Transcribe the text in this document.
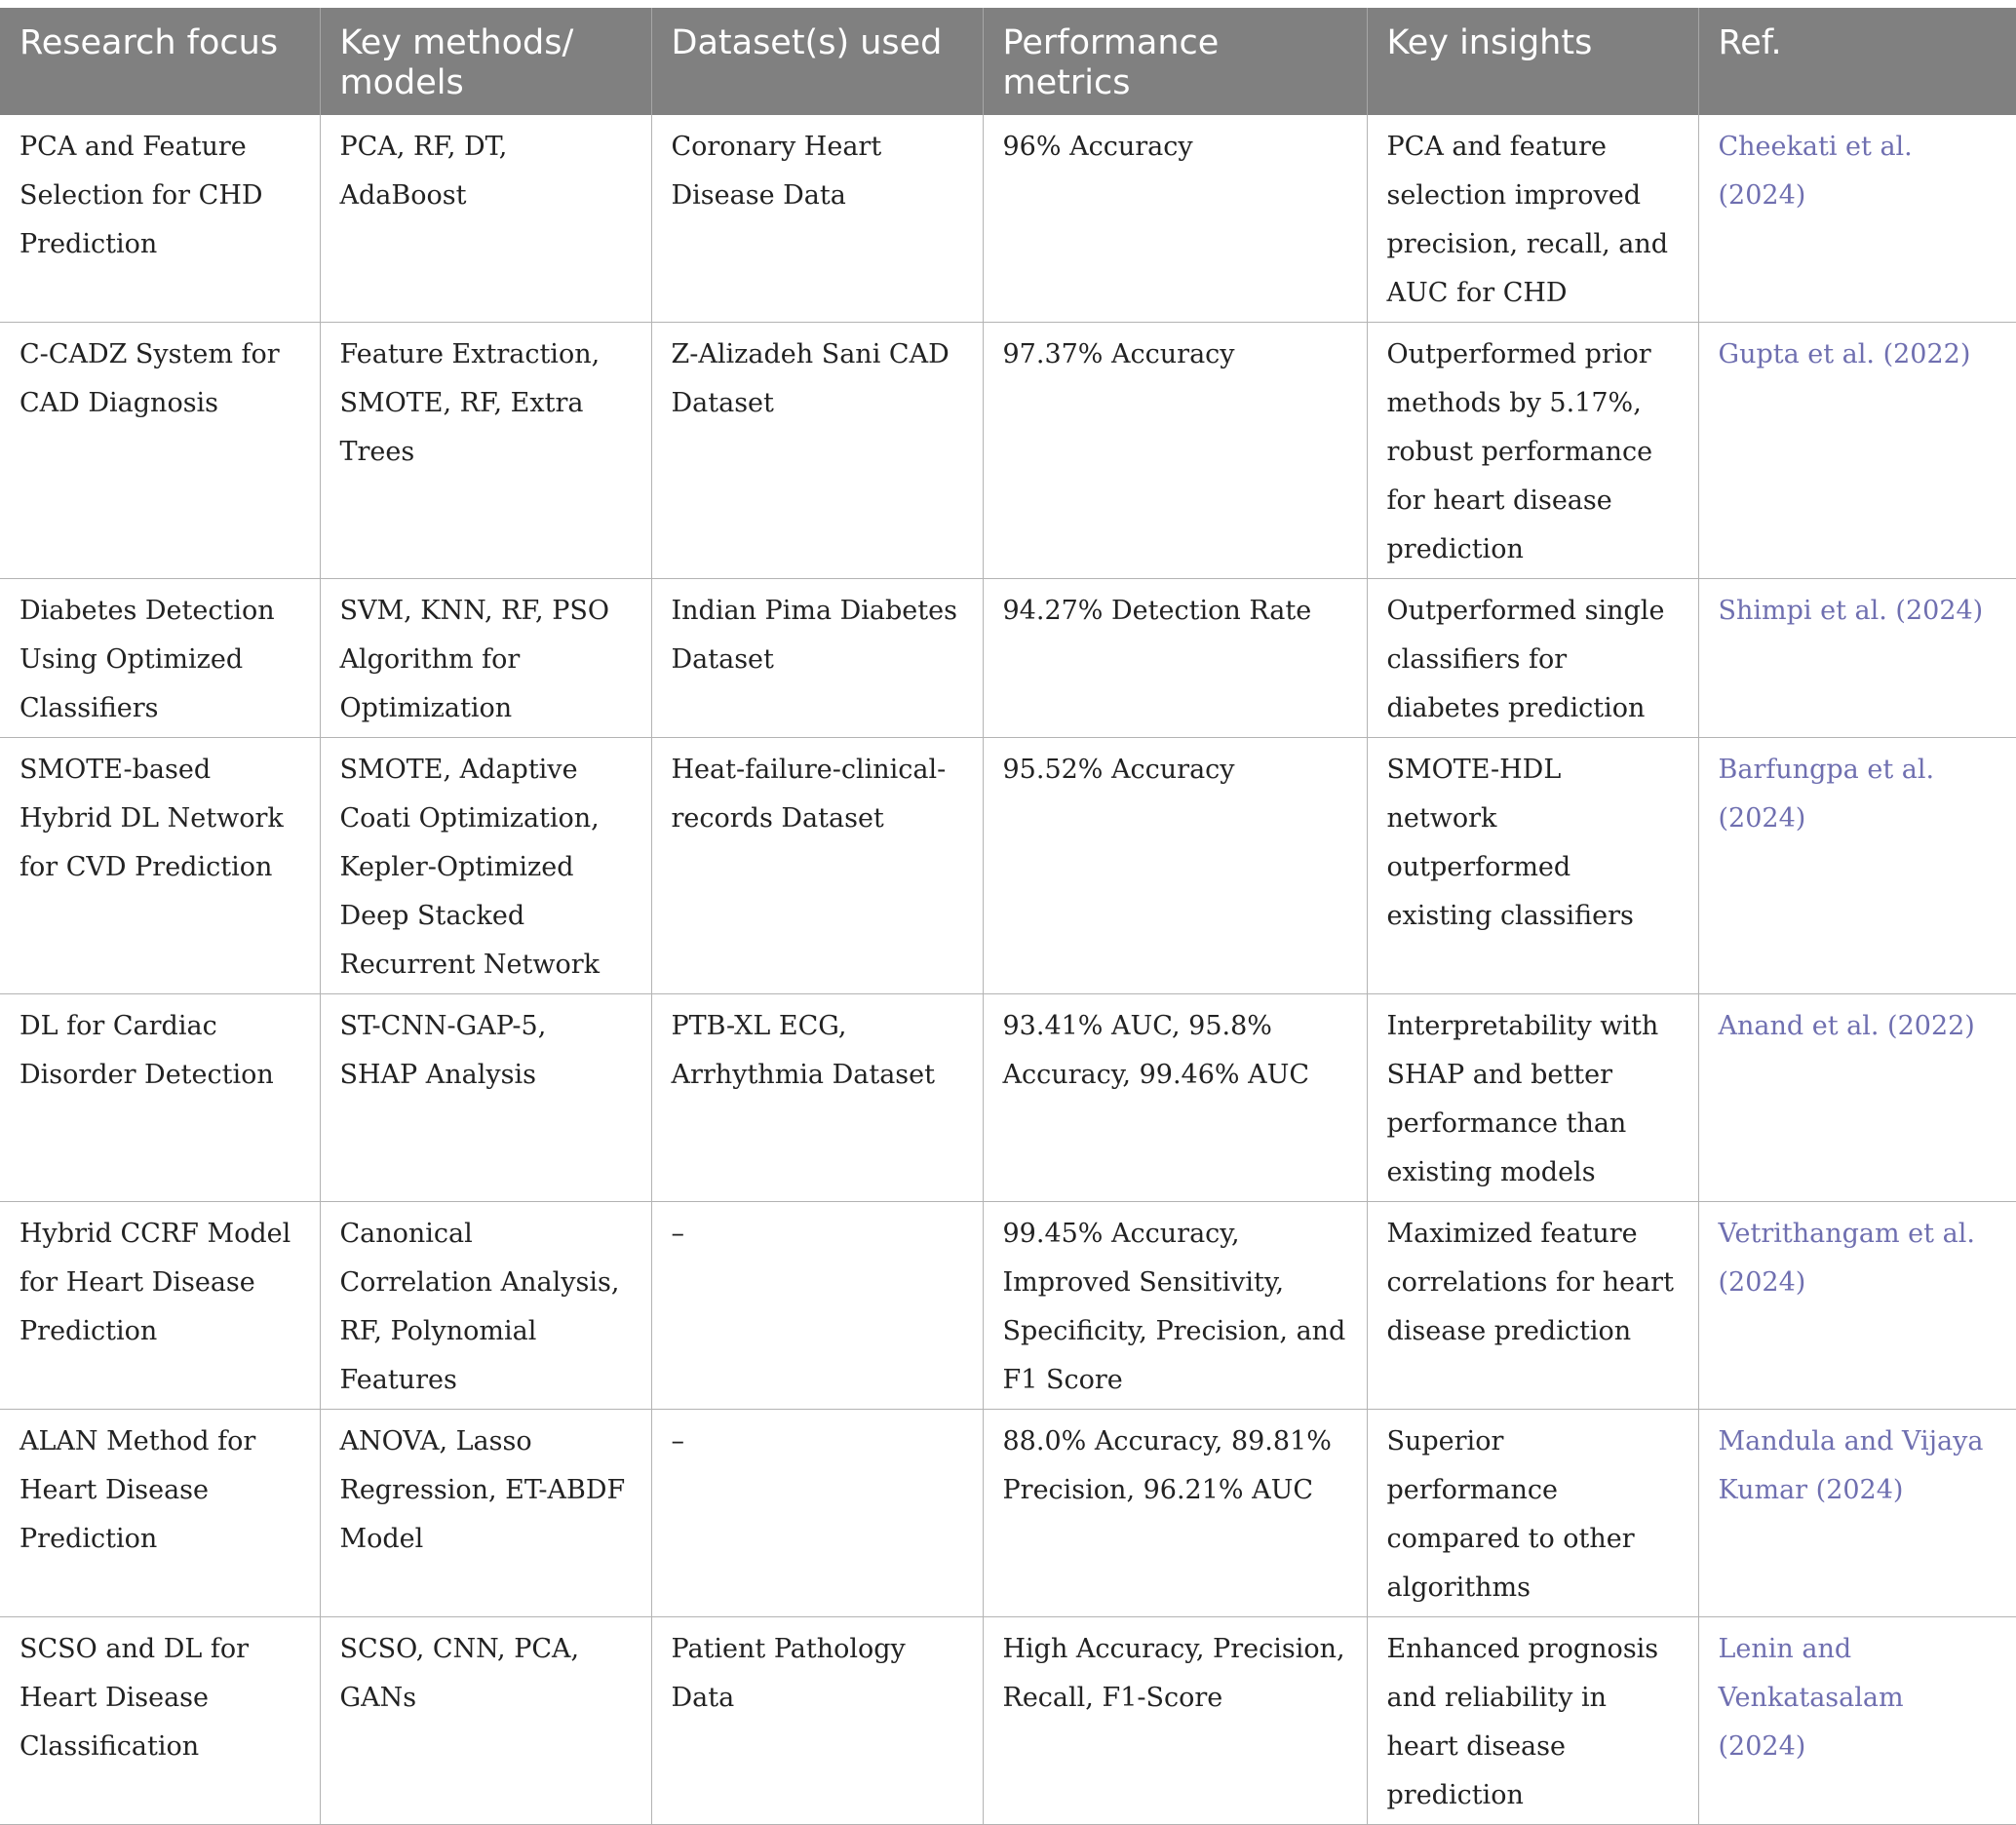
Research focus	Key methods/ models	Dataset(s) used	Performance metrics	Key insights	Ref.
PCA and Feature Selection for CHD Prediction	PCA, RF, DT, AdaBoost	Coronary Heart Disease Data	96% Accuracy	PCA and feature selection improved precision, recall, and AUC for CHD	Cheekati et al. (2024)
C-CADZ System for CAD Diagnosis	Feature Extraction, SMOTE, RF, Extra Trees	Z-Alizadeh Sani CAD Dataset	97.37% Accuracy	Outperformed prior methods by 5.17%, robust performance for heart disease prediction	Gupta et al. (2022)
Diabetes Detection Using Optimized Classifiers	SVM, KNN, RF, PSO Algorithm for Optimization	Indian Pima Diabetes Dataset	94.27% Detection Rate	Outperformed single classifiers for diabetes prediction	Shimpi et al. (2024)
SMOTE-based Hybrid DL Network for CVD Prediction	SMOTE, Adaptive Coati Optimization, Kepler-Optimized Deep Stacked Recurrent Network	Heat-failure-clinical-records Dataset	95.52% Accuracy	SMOTE-HDL network outperformed existing classifiers	Barfungpa et al. (2024)
DL for Cardiac Disorder Detection	ST-CNN-GAP-5, SHAP Analysis	PTB-XL ECG, Arrhythmia Dataset	93.41% AUC, 95.8% Accuracy, 99.46% AUC	Interpretability with SHAP and better performance than existing models	Anand et al. (2022)
Hybrid CCRF Model for Heart Disease Prediction	Canonical Correlation Analysis, RF, Polynomial Features	–	99.45% Accuracy, Improved Sensitivity, Specificity, Precision, and F1 Score	Maximized feature correlations for heart disease prediction	Vetrithangam et al. (2024)
ALAN Method for Heart Disease Prediction	ANOVA, Lasso Regression, ET-ABDF Model	–	88.0% Accuracy, 89.81% Precision, 96.21% AUC	Superior performance compared to other algorithms	Mandula and Vijaya Kumar (2024)
SCSO and DL for Heart Disease Classification	SCSO, CNN, PCA, GANs	Patient Pathology Data	High Accuracy, Precision, Recall, F1-Score	Enhanced prognosis and reliability in heart disease prediction	Lenin and Venkatasalam (2024)
